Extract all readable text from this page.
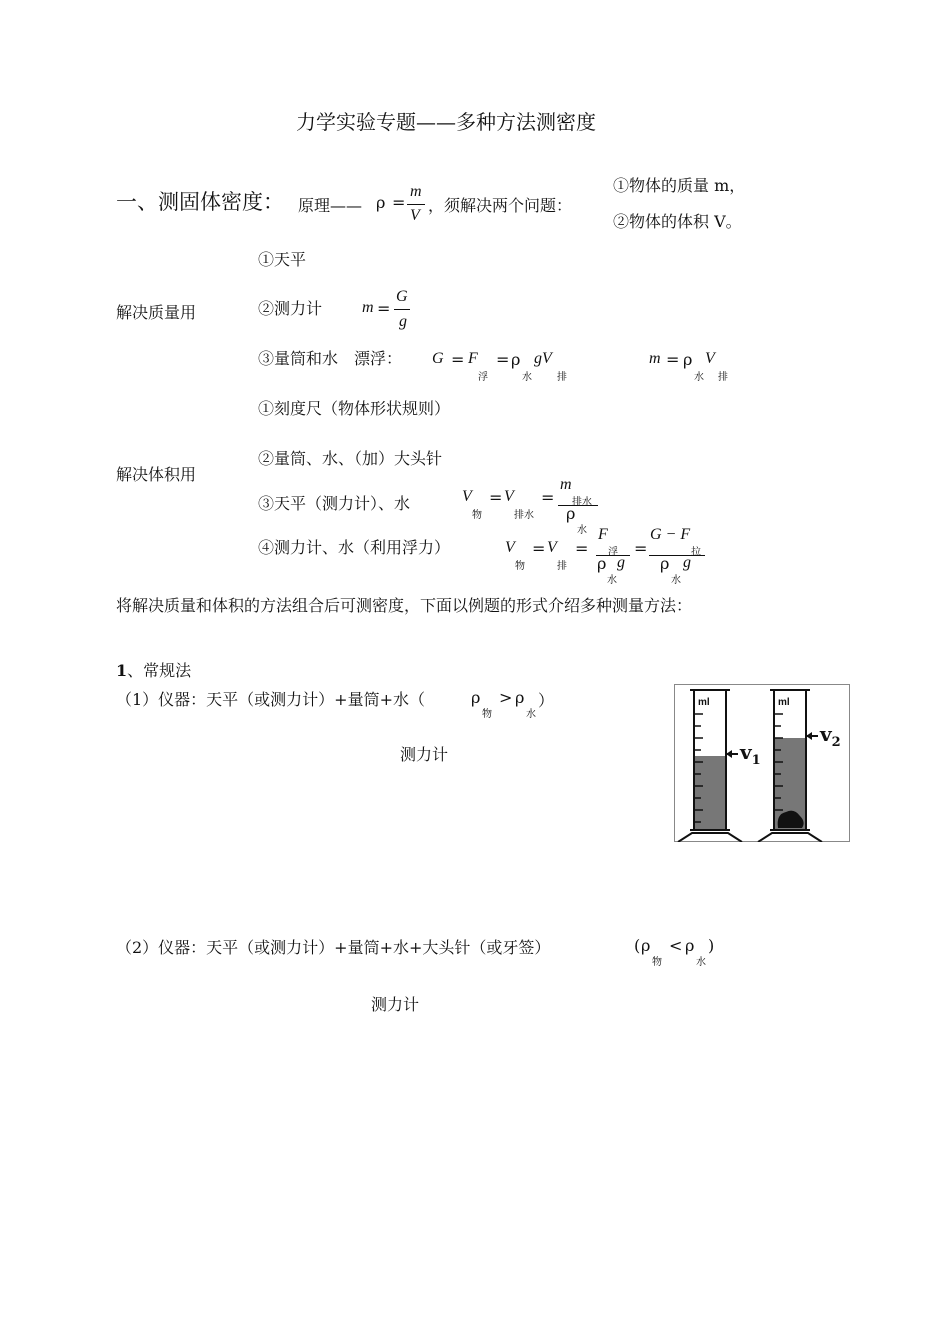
力学实验专题——多种方法测密度
一、测固体密度： 原理—— ρ =
m
V
，须解决两个问题：
①物体的质量 m，
②物体的体积 V。
①天平
解决质量用	②测力计 m =
G
g
③量筒和水　漂浮： G = F
浮
= ρ
水
gV
排
m = ρ
水
V
排
①刻度尺（物体形状规则）
②量筒、水、（加）大头针
解决体积用
③天平（测力计）、水	V
物
= V
排水
=
m
排水
ρ
水
④测力计、水（利用浮力）	V
物
= V
排
=
F
浮
ρ
水
g
=
G − F
拉
ρ
水
g
将解决质量和体积的方法组合后可测密度，下面以例题的形式介绍多种测量方法：
1、常规法
（1）仪器：天平（或测力计）+量筒+水（	ρ
物
> ρ
水
）
测力计
ml	ml
$v_1$
$v_2$
（2）仪器：天平（或测力计）+量筒+水+大头针（或牙签）	( ρ
物
< ρ
水
)
测力计
